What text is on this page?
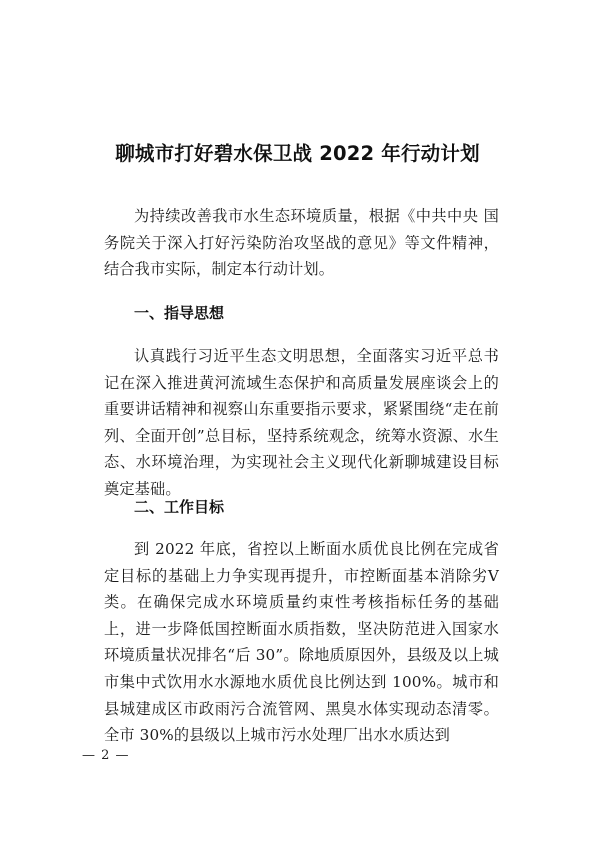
聊城市打好碧水保卫战 2022 年行动计划

为持续改善我市水生态环境质量，根据《中共中央 国务院关于深入打好污染防治攻坚战的意见》等文件精神，结合我市实际，制定本行动计划。

一、指导思想

认真践行习近平生态文明思想，全面落实习近平总书记在深入推进黄河流域生态保护和高质量发展座谈会上的重要讲话精神和视察山东重要指示要求，紧紧围绕“走在前列、全面开创”总目标，坚持系统观念，统筹水资源、水生态、水环境治理，为实现社会主义现代化新聊城建设目标奠定基础。

二、工作目标

到 2022 年底，省控以上断面水质优良比例在完成省定目标的基础上力争实现再提升，市控断面基本消除劣Ⅴ类。在确保完成水环境质量约束性考核指标任务的基础上，进一步降低国控断面水质指数，坚决防范进入国家水环境质量状况排名“后 30”。除地质原因外，县级及以上城市集中式饮用水水源地水质优良比例达到 100%。城市和县城建成区市政雨污合流管网、黑臭水体实现动态清零。全市 30%的县级以上城市污水处理厂出水水质达到

— 2 —
